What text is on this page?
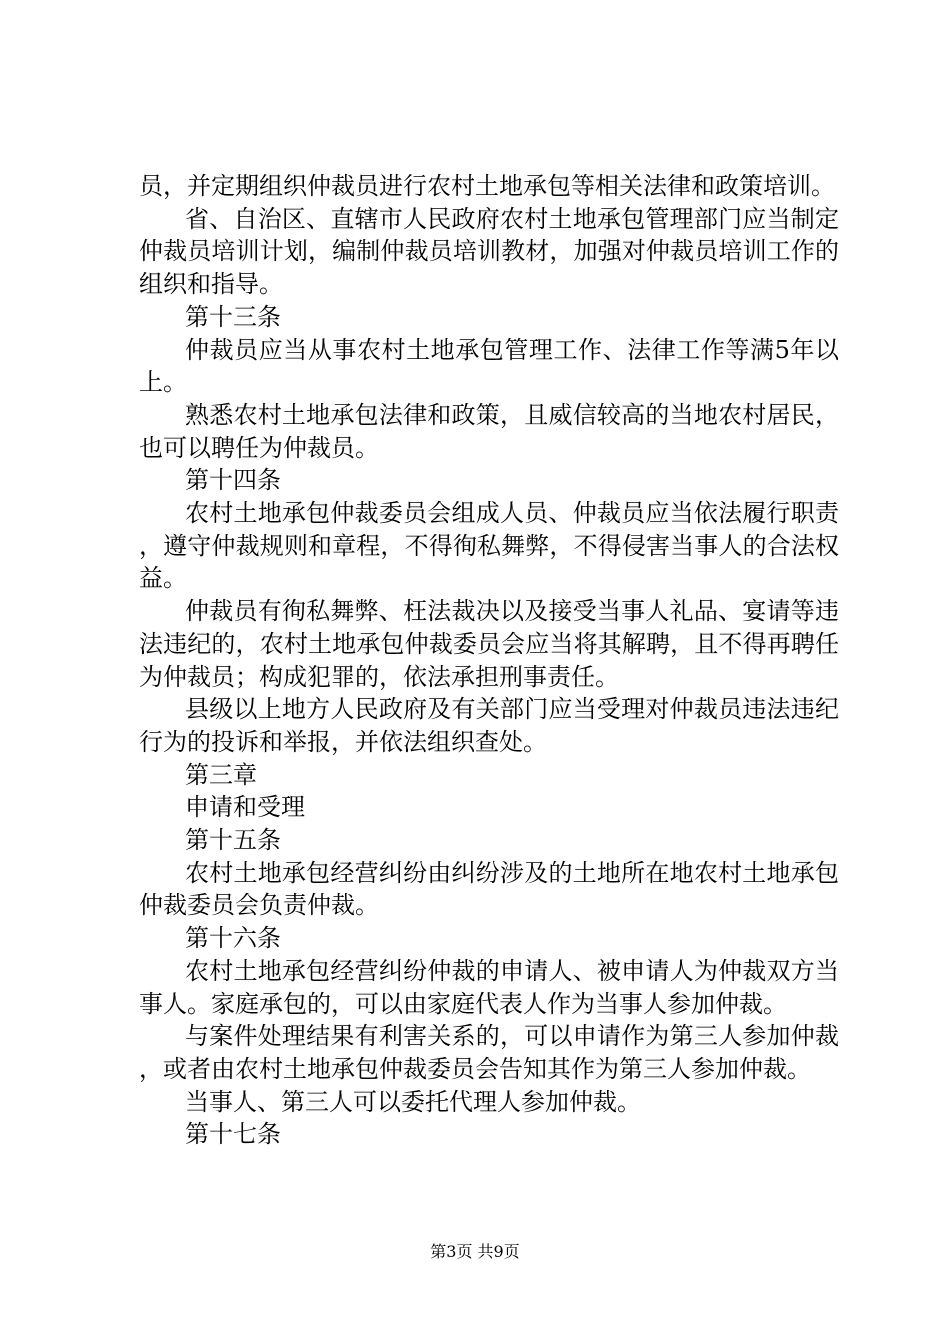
员，并定期组织仲裁员进行农村土地承包等相关法律和政策培训。

省、自治区、直辖市人民政府农村土地承包管理部门应当制定仲裁员培训计划，编制仲裁员培训教材，加强对仲裁员培训工作的组织和指导。

第十三条

仲裁员应当从事农村土地承包管理工作、法律工作等满5年以上。

熟悉农村土地承包法律和政策，且威信较高的当地农村居民，也可以聘任为仲裁员。

第十四条

农村土地承包仲裁委员会组成人员、仲裁员应当依法履行职责，遵守仲裁规则和章程，不得徇私舞弊，不得侵害当事人的合法权益。

仲裁员有徇私舞弊、枉法裁决以及接受当事人礼品、宴请等违法违纪的，农村土地承包仲裁委员会应当将其解聘，且不得再聘任为仲裁员；构成犯罪的，依法承担刑事责任。

县级以上地方人民政府及有关部门应当受理对仲裁员违法违纪行为的投诉和举报，并依法组织查处。

第三章

申请和受理

第十五条

农村土地承包经营纠纷由纠纷涉及的土地所在地农村土地承包仲裁委员会负责仲裁。

第十六条

农村土地承包经营纠纷仲裁的申请人、被申请人为仲裁双方当事人。家庭承包的，可以由家庭代表人作为当事人参加仲裁。

与案件处理结果有利害关系的，可以申请作为第三人参加仲裁，或者由农村土地承包仲裁委员会告知其作为第三人参加仲裁。

当事人、第三人可以委托代理人参加仲裁。

第十七条

第3页 共9页
